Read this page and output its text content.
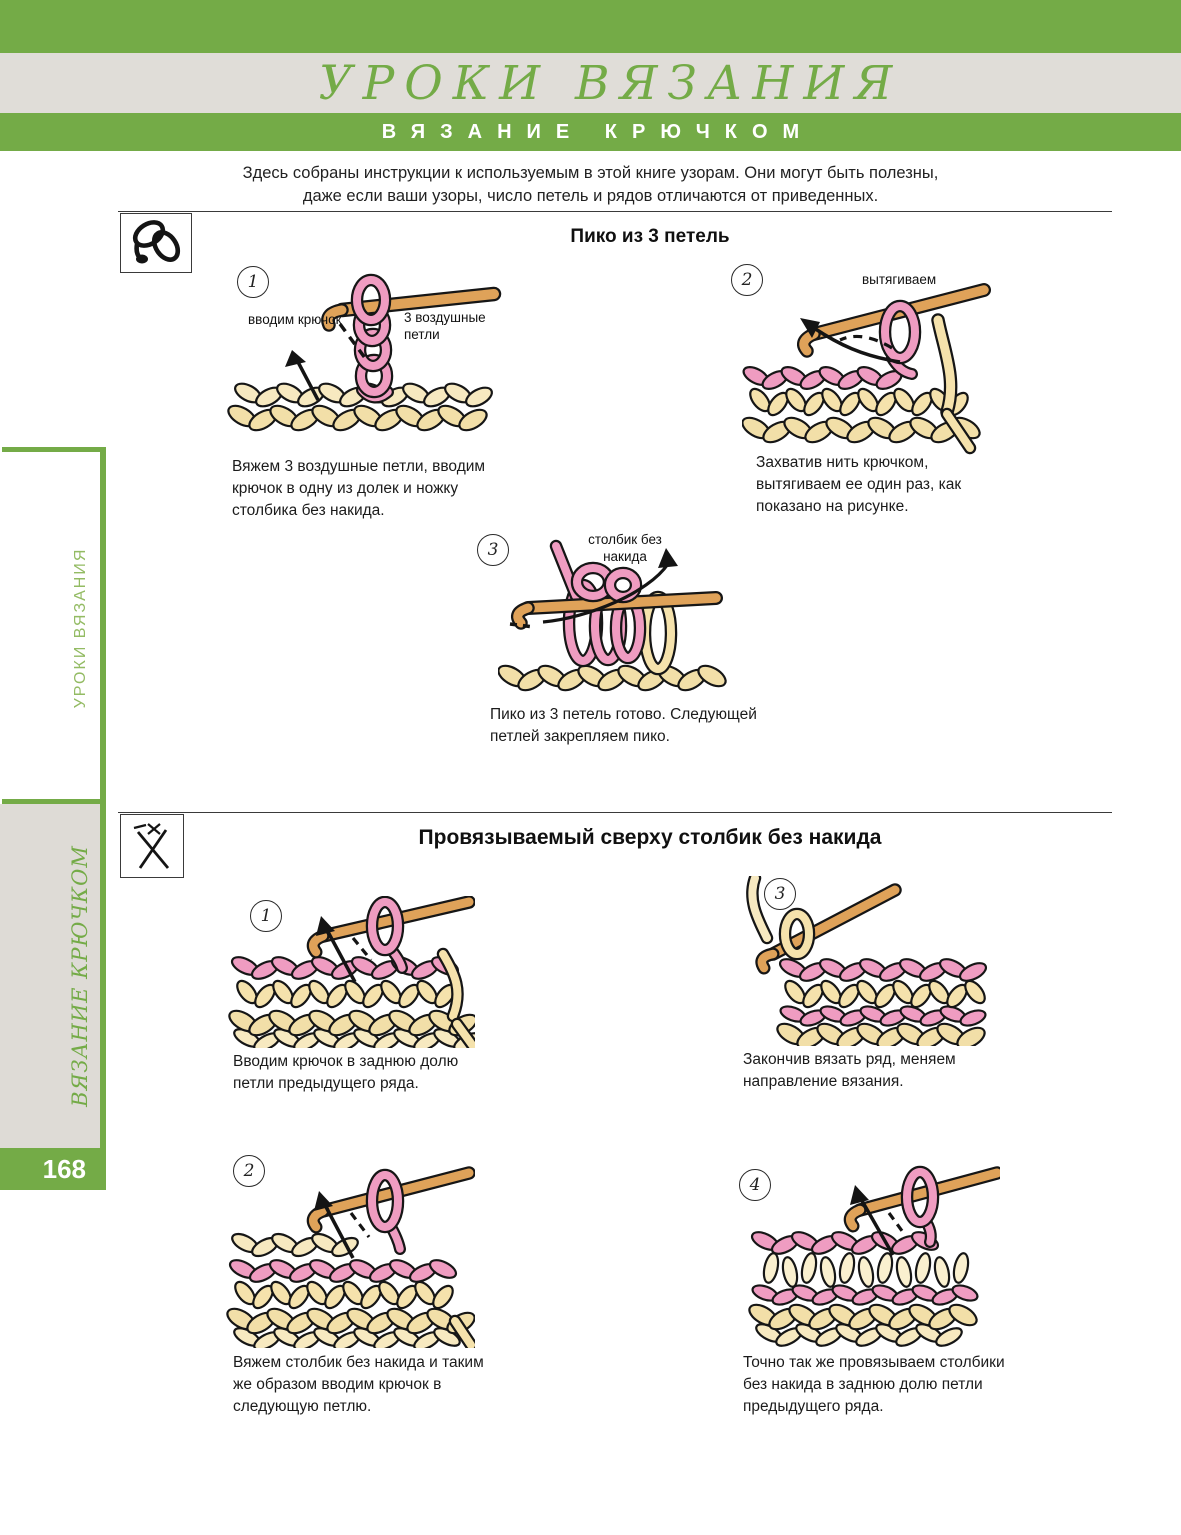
УРОКИ ВЯЗАНИЯ
ВЯЗАНИЕ КРЮЧКОМ
Здесь собраны инструкции к используемым в этой книге узорам. Они могут быть полезны,
даже если ваши узоры, число петель и рядов отличаются от приведенных.
УРОКИ ВЯЗАНИЯ
ВЯЗАНИЕ КРЮЧКОМ
168
Пико из 3 петель
1
вводим крючок	3 воздушные петли
Вяжем 3 воздушные петли, вводим крючок в одну из долек и ножку столбика без накида.
2	вытягиваем
Захватив нить крючком, вытягиваем ее один раз, как показано на рисунке.
3
столбик без накида
Пико из 3 петель готово. Следующей петлей закрепляем пико.
Провязываемый сверху столбик без накида
1
Вводим крючок в заднюю долю петли предыдущего ряда.
3
Закончив вязать ряд, меняем направление вязания.
2
Вяжем столбик без накида и таким же образом вводим крючок в следующую петлю.
4
Точно так же провязываем столбики без накида в заднюю долю петли предыдущего ряда.
